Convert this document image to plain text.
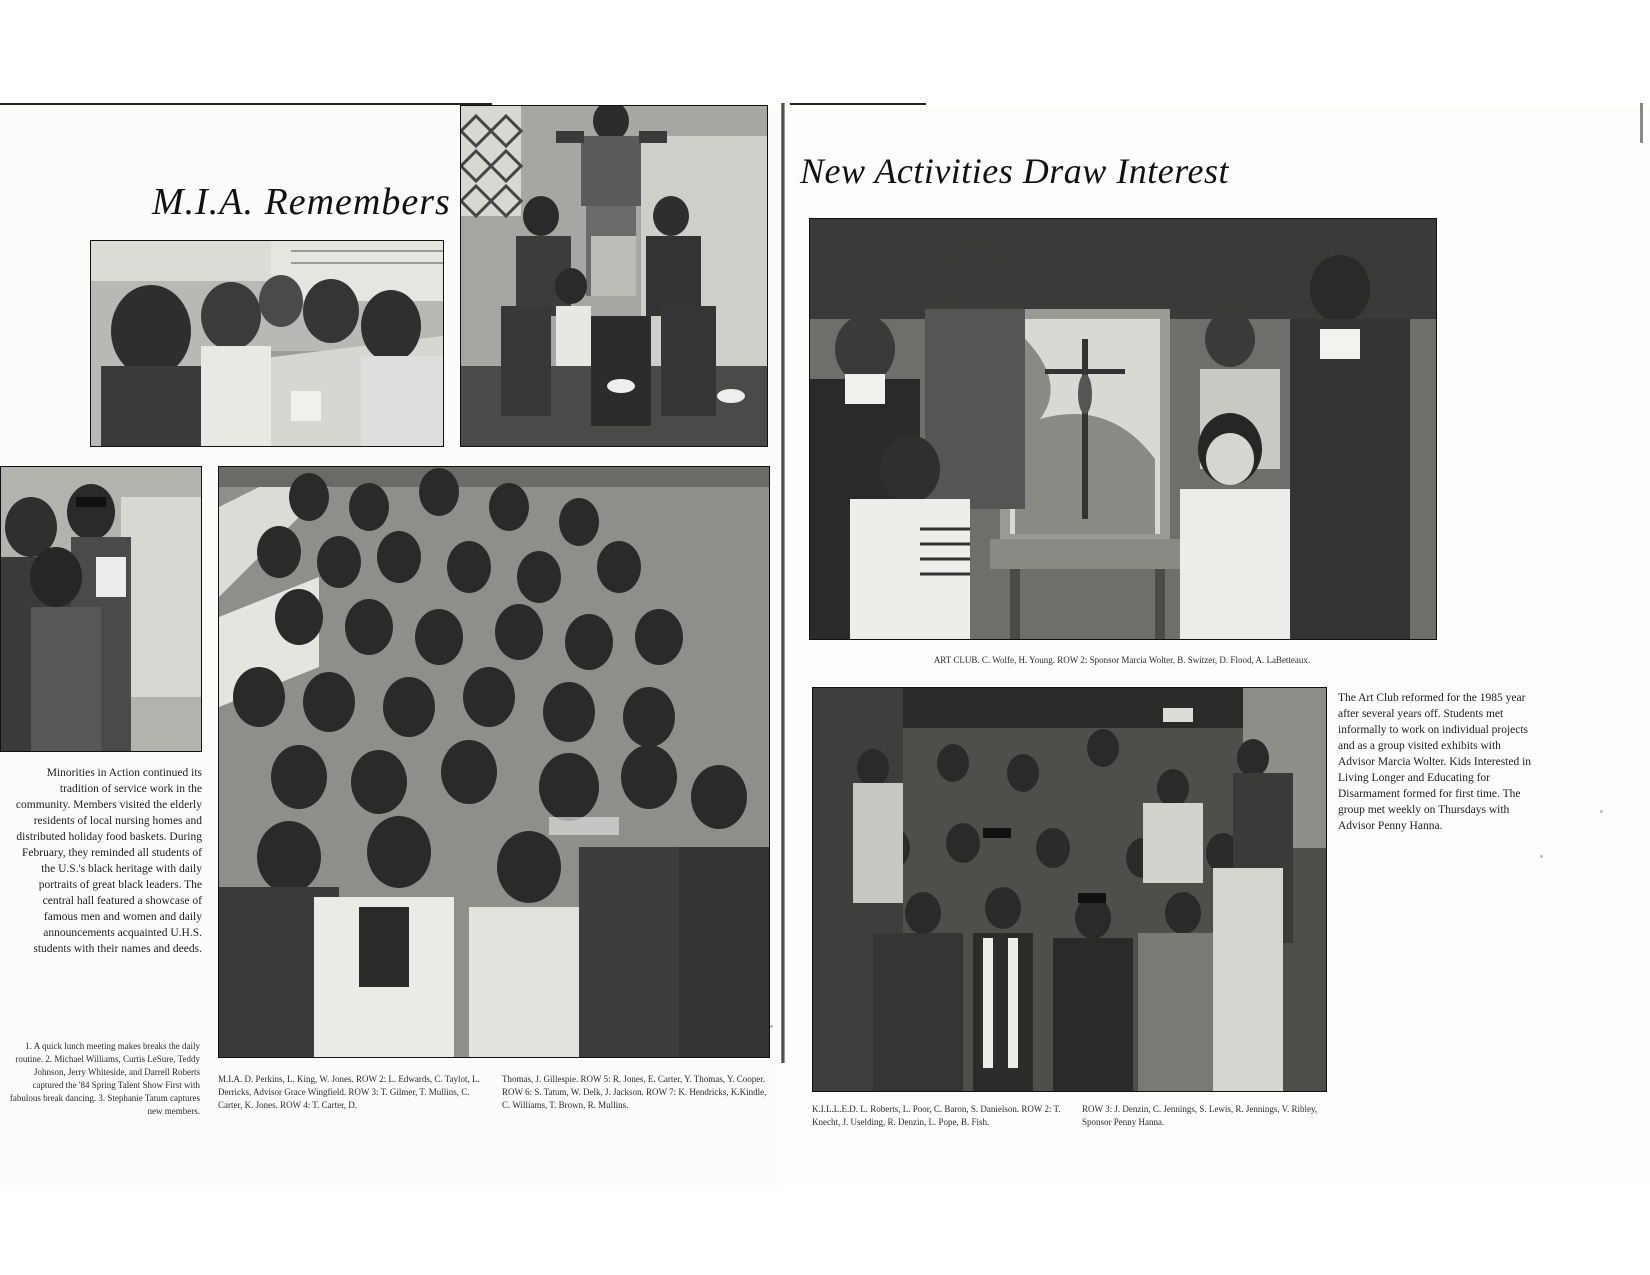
M.I.A. Remembers
New Activities Draw Interest

Minorities in Action continued its tradition of service work in the community. Members visited the elderly residents of local nursing homes and distributed holiday food baskets. During February, they reminded all students of the U.S.'s black heritage with daily portraits of great black leaders. The central hall featured a showcase of famous men and women and daily announcements acquainted U.H.S. students with their names and deeds.

The Art Club reformed for the 1985 year after several years off. Students met informally to work on individual projects and as a group visited exhibits with Advisor Marcia Wolter. Kids Interested in Living Longer and Educating for Disarmament formed for first time. The group met weekly on Thursdays with Advisor Penny Hanna.

1. A quick lunch meeting makes breaks the daily routine. 2. Michael Williams, Curtis LeSure, Teddy Johnson, Jerry Whiteside, and Darrell Roberts captured the '84 Spring Talent Show First with fabulous break dancing. 3. Stephanie Tatum captures new members.

M.I.A. D. Perkins, L. King, W. Jones. ROW 2: L. Edwards, C. Taylot, L. Derricks, Advisor Grace Wingfield. ROW 3: T. Gilmer, T. Mullins, C. Carter, K. Jones. ROW 4: T. Carter, D.

Thomas, J. Gillespie. ROW 5: R. Jones, E. Carter, Y. Thomas, Y. Cooper. ROW 6: S. Tatum, W. Delk, J. Jackson. ROW 7: K. Hendricks, K.Kindle, C. Williams, T. Brown, R. Mullins.

ART CLUB. C. Wolfe, H. Young. ROW 2: Sponsor Marcia Wolter, B. Switzer, D. Flood, A. LaBetteaux.

K.I.L.L.E.D. L. Roberts, L. Poor, C. Baron, S. Danielson. ROW 2: T. Knecht, J. Uselding, R. Denzin, L. Pope, B. Fish.

ROW 3: J. Denzin, C. Jennings, S. Lewis, R. Jennings, V. Ribley, Sponsor Penny Hanna.
